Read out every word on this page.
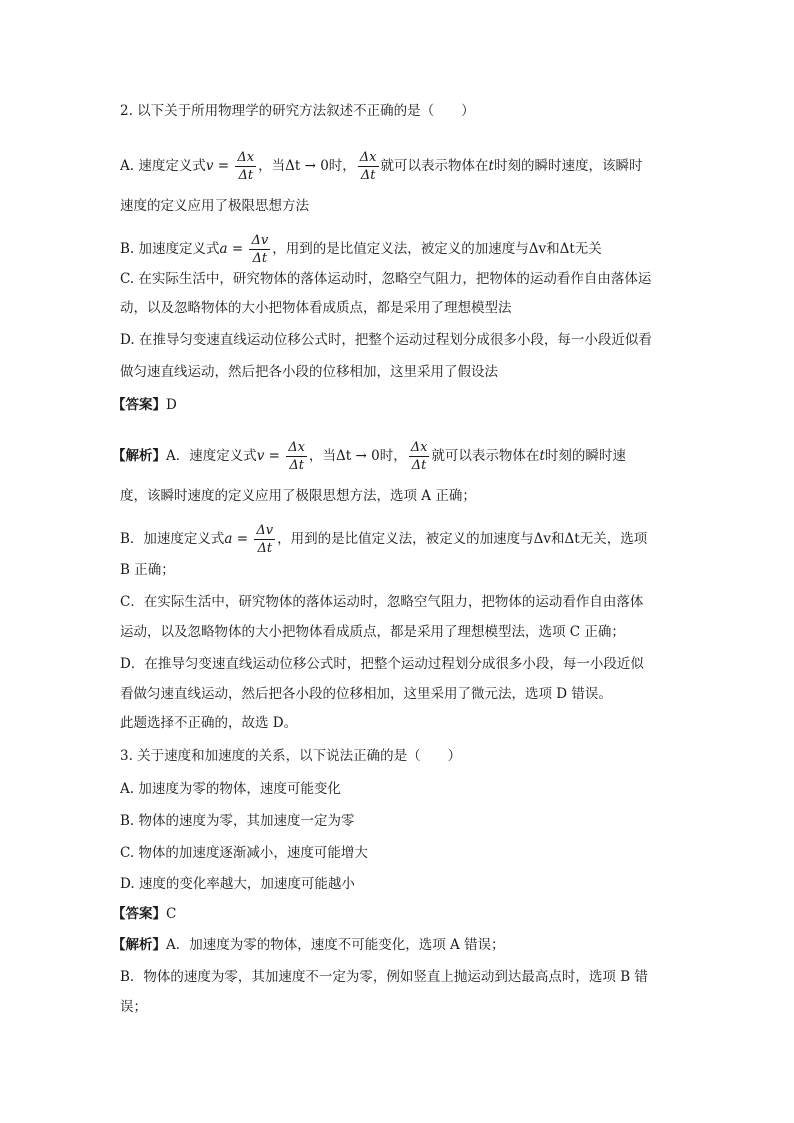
2. 以下关于所用物理学的研究方法叙述不正确的是（　　）
A. 速度定义式$v = \frac{\Delta x}{\Delta t}$ ，当Δt → 0时， $\frac{\Delta x}{\Delta t}$ 就可以表示物体在t时刻的瞬时速度，该瞬时
速度的定义应用了极限思想方法
B. 加速度定义式$a = \frac{\Delta v}{\Delta t}$ ，用到的是比值定义法，被定义的加速度与Δv和Δt无关
C. 在实际生活中，研究物体的落体运动时，忽略空气阻力，把物体的运动看作自由落体运
动，以及忽略物体的大小把物体看成质点，都是采用了理想模型法
D. 在推导匀变速直线运动位移公式时，把整个运动过程划分成很多小段，每一小段近似看
做匀速直线运动，然后把各小段的位移相加，这里采用了假设法
【答案】D
【解析】A．速度定义式$v = \frac{\Delta x}{\Delta t}$ ，当Δt → 0时， $\frac{\Delta x}{\Delta t}$ 就可以表示物体在t时刻的瞬时速
度，该瞬时速度的定义应用了极限思想方法，选项 A 正确；
B．加速度定义式$a = \frac{\Delta v}{\Delta t}$ ，用到的是比值定义法，被定义的加速度与Δv和Δt无关，选项
B 正确；
C．在实际生活中，研究物体的落体运动时，忽略空气阻力，把物体的运动看作自由落体
运动，以及忽略物体的大小把物体看成质点，都是采用了理想模型法，选项 C 正确；
D．在推导匀变速直线运动位移公式时，把整个运动过程划分成很多小段，每一小段近似
看做匀速直线运动，然后把各小段的位移相加，这里采用了微元法，选项 D 错误。
此题选择不正确的，故选 D。
3. 关于速度和加速度的关系，以下说法正确的是（　　）
A. 加速度为零的物体，速度可能变化
B. 物体的速度为零，其加速度一定为零
C. 物体的加速度逐渐减小，速度可能增大
D. 速度的变化率越大，加速度可能越小
【答案】C
【解析】A．加速度为零的物体，速度不可能变化，选项 A 错误；
B．物体的速度为零，其加速度不一定为零，例如竖直上抛运动到达最高点时，选项 B 错
误；
